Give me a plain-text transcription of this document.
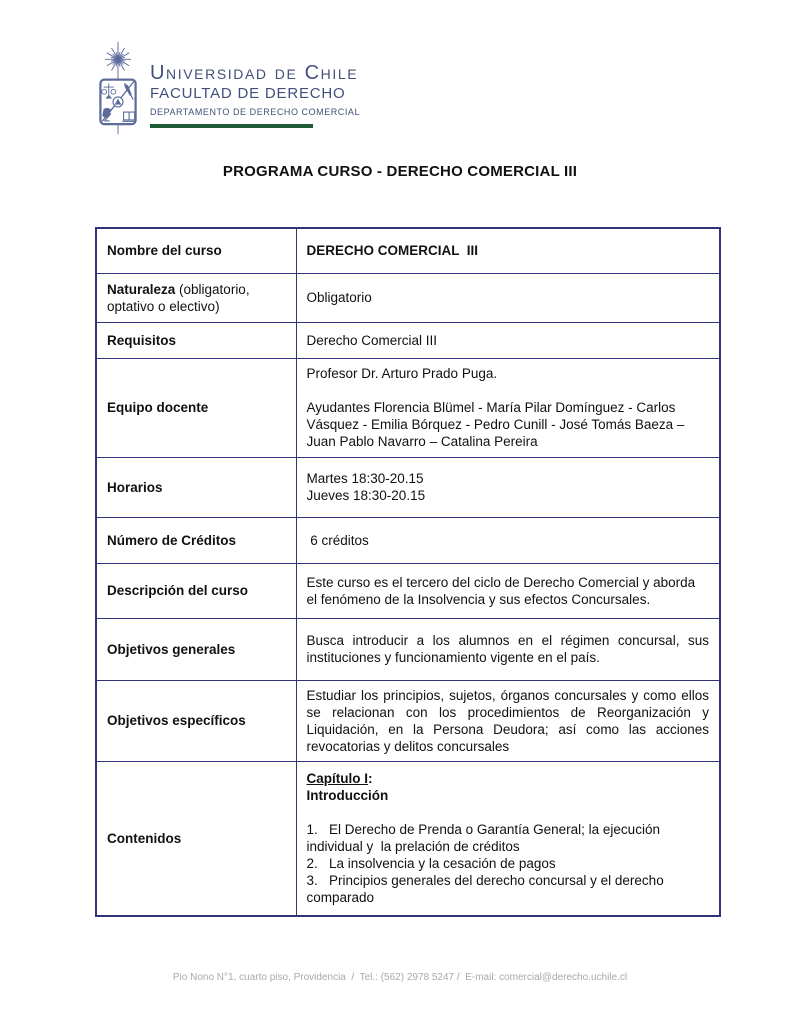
Universidad de Chile
FACULTAD DE DERECHO
DEPARTAMENTO DE DERECHO COMERCIAL
PROGRAMA CURSO - DERECHO COMERCIAL III
Nombre del curso	DERECHO COMERCIAL  III
Naturaleza (obligatorio, optativo o electivo)	Obligatorio
Requisitos	Derecho Comercial III
Equipo docente	Profesor Dr. Arturo Prado Puga.
Ayudantes Florencia Blümel - María Pilar Domínguez - Carlos Vásquez - Emilia Bórquez - Pedro Cunill - José Tomás Baeza – Juan Pablo Navarro – Catalina Pereira

Horarios	Martes 18:30-20.15
Jueves 18:30-20.15

Número de Créditos	6 créditos
Descripción del curso	Este curso es el tercero del ciclo de Derecho Comercial y aborda el fenómeno de la Insolvencia y sus efectos Concursales.
Objetivos generales	Busca introducir a los alumnos en el régimen concursal, sus instituciones y funcionamiento vigente en el país.
Objetivos específicos	Estudiar los principios, sujetos, órganos concursales y como ellos se relacionan con los procedimientos de Reorganización y Liquidación, en la Persona Deudora; así como las acciones revocatorias y delitos concursales
Contenidos	Capítulo I:
Introducción
1.   El Derecho de Prenda o Garantía General; la ejecución individual y  la prelación de créditos
2.   La insolvencia y la cesación de pagos
3.   Principios generales del derecho concursal y el derecho comparado
Pio Nono N°1, cuarto piso, Providencia  /  Tel.: (562) 2978 5247 /  E-mail: comercial@derecho.uchile.cl
